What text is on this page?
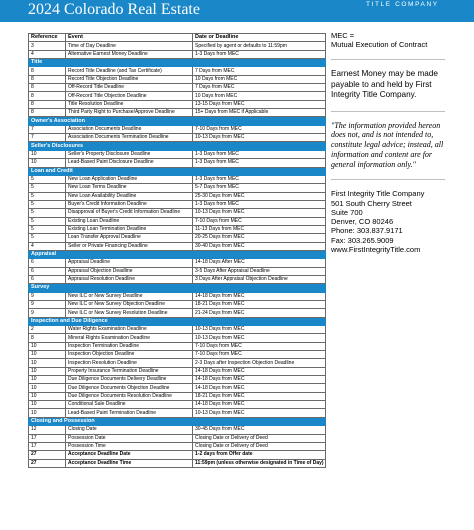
2024 Colorado Real Estate	TITLE COMPANY
Reference	Event	Date or Deadline
3	Time of Day Deadline	Specified by agent or defaults to 11:59pm
4	Alternative Earnest Money Deadline	1-3 Days from MEC
Title		
8	Record Title Deadline (and Tax Certificate)	7 Days from MEC
8	Record Title Objection Deadline	10 Days from MEC
8	Off-Record Title Deadline	7 Days from MEC
8	Off-Record Title Objection Deadline	10 Days from MEC
8	Title Resolution Deadline	13-15 Days from MEC
8	Third Party Right to Purchase/Approve Deadline	15+ Days from MEC if Applicable
Owner's Association		
7	Association Documents Deadline	7-10 Days from MEC
7	Association Documents Termination Deadline	10-13 Days from MEC
Seller's Disclosures		
10	Seller's Property Disclosure Deadline	1-3 Days from MEC
10	Lead-Based Paint Disclosure Deadline	1-3 Days from MEC
Loan and Credit		
5	New Loan Application Deadline	1-3 Days from MEC
5	New Loan Terms Deadline	5-7 Days from MEC
5	New Loan Availability Deadline	25-30 Days from MEC
5	Buyer's Credit Information Deadline	1-3 Days from MEC
5	Disapproval of Buyer's Credit Information Deadline	10-13 Days from MEC
5	Existing Loan Deadline	7-10 Days from MEC
5	Existing Loan Termination Deadline	11-13 Days from MEC
5	Loan Transfer Approval Deadline	20-25 Days from MEC
4	Seller or Private Financing Deadline	30-40 Days from MEC
Appraisal		
6	Appraisal Deadline	14-18 Days After MEC
6	Appraisal Objection Deadline	3-5 Days After Appraisal Deadline
6	Appraisal Resolution Deadline	3 Days After Appraisal Objection Deadline
Survey		
9	New ILC or New Survey Deadline	14-18 Days from MEC
9	New ILC or New Survey Objection Deadline	18-21 Days from MEC
9	New ILC or New Survey Resolution Deadline	21-24 Days from MEC
Inspection and Due Diligence		
2	Water Rights Examination Deadline	10-13 Days from MEC
8	Mineral Rights Examination Deadline	10-13 Days from MEC
10	Inspection Termination Deadline	7-10 Days from MEC
10	Inspection Objection Deadline	7-10 Days from MEC
10	Inspection Resolution Deadline	2-3 Days after Inspection Objection Deadline
10	Property Insurance Termination Deadline	14-18 Days from MEC
10	Due Diligence Documents Delivery Deadline	14-18 Days from MEC
10	Due Diligence Documents Objection Deadline	14-18 Days from MEC
10	Due Diligence Documents Resolution Deadline	18-21 Days from MEC
10	Conditional Sale Deadline	14-18 Days from MEC
10	Lead-Based Paint Termination Deadline	10-13 Days from MEC
Closing and Possession		
12	Closing Date	30-45 Days from MEC
17	Possession Date	Closing Date or Delivery of Deed
17	Possession Time	Closing Date or Delivery of Deed
27	Acceptance Deadline Date	1-2 days from Offer date
27	Acceptance Deadline Time	11:59pm (unless otherwise designated in Time of Day)
MEC =
Mutual Execution of Contract
Earnest Money may be made payable to and held by First Integrity Title Company.
"The information provided hereon does not, and is not intended to, constitute legal advice; instead, all information and content are for general information only."
First Integrity Title Company
501 South Cherry Street
Suite 700
Denver, CO 80246
Phone: 303.837.9171
Fax: 303.265.9009
www.FirstIntegrityTitle.com
